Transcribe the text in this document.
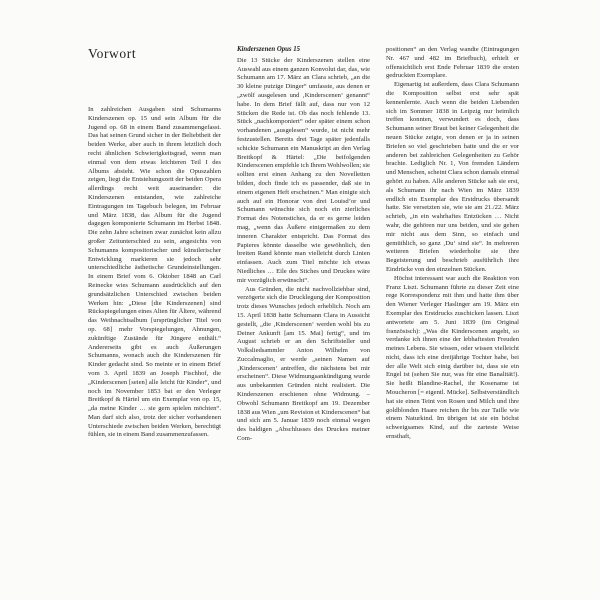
Vorwort

In zahlreichen Ausgaben sind Schumanns Kinderszenen op. 15 und sein Album für die Jugend op. 68 in einem Band zusammengefasst. Das hat seinen Grund sicher in der Beliebtheit der beiden Werke, aber auch in ihrem letztlich doch recht ähnlichen Schwierigkeitsgrad, wenn man einmal von dem etwas leichteren Teil I des Albums absieht. Wie schon die Opuszahlen zeigen, liegt die Entstehungszeit der beiden Opera allerdings recht weit auseinander: die Kinderszenen entstanden, wie zahlreiche Eintragungen im Tagebuch belegen, im Februar und März 1838, das Album für die Jugend dagegen komponierte Schumann im Herbst 1848. Die zehn Jahre scheinen zwar zunächst kein allzu großer Zeitunterschied zu sein, angesichts von Schumanns kompositorischer und künstlerischer Entwicklung markieren sie jedoch sehr unterschiedliche ästhetische Grundeinstellungen. In einem Brief vom 6. Oktober 1848 an Carl Reinecke wies Schumann ausdrücklich auf den grundsätzlichen Unterschied zwischen beiden Werken hin: „Diese [die Kinderszenen] sind Rückspiegelungen eines Alten für Ältere, während das Weihnachtsalbum [ursprünglicher Titel von op. 68] mehr Vorspiegelungen, Ahnungen, zukünftige Zustände für Jüngere enthält.“ Andererseits gibt es auch Äußerungen Schumanns, wonach auch die Kinderszenen für Kinder gedacht sind. So meinte er in einem Brief vom 3. April 1839 an Joseph Fischhof, die „Kinderscenen [seien] alle leicht für Kinder“, und noch im November 1853 bat er den Verleger Breitkopf & Härtel um ein Exemplar von op. 15, „da meine Kinder … sie gern spielen möchten“. Man darf sich also, trotz der sicher vorhandenen Unterschiede zwischen beiden Werken, berechtigt fühlen, sie in einem Band zusammenzufassen.

Kinderszenen Opus 15

Die 13 Stücke der Kinderszenen stellen eine Auswahl aus einem ganzen Konvolut dar, das, wie Schumann am 17. März an Clara schrieb, „an die 30 kleine putzige Dinger“ umfasste, aus denen er „zwölf ausgelesen und ‚Kinderscenen‘ genannt“ habe. In dem Brief fällt auf, dass nur von 12 Stücken die Rede ist. Ob das noch fehlende 13. Stück „nachkomponiert“ oder später einem schon vorhandenen „ausgelesen“ wurde, ist nicht mehr festzustellen. Bereits drei Tage später jedenfalls schickte Schumann ein Manuskript an den Verlag Breitkopf & Härtel: „Die beifolgenden Kinderscenen empfehle ich Ihrem Wohlwollen; sie sollten erst einen Anhang zu den Novelletten bilden, doch finde ich es passender, daß sie in einem eigenen Heft erscheinen.“ Man einigte sich auch auf ein Honorar von drei Louisd’or und Schumann wünschte sich noch ein zierliches Format des Notenstiches, da er es gerne leiden mag, „wenn das Äußere einigermaßen zu dem inneren Charakter entspricht. Das Format des Papieres könnte dasselbe wie gewöhnlich, den breiten Rand könnte man vielleicht durch Linien einfassen. Auch zum Titel möchte ich etwas Niedliches … Eile des Stiches und Druckes wäre mir vorzüglich erwünscht“.

Aus Gründen, die nicht nachvollziehbar sind, verzögerte sich die Drucklegung der Komposition trotz dieses Wunsches jedoch erheblich. Noch am 15. April 1838 hatte Schumann Clara in Aussicht gestellt, „die ‚Kinderscenen‘ werden wohl bis zu Deiner Ankunft [am 15. Mai] fertig“, und im August schrieb er an den Schriftsteller und Volksliedsammler Anton Wilhelm von Zuccalmaglio, er werde „seinen Namen auf ‚Kinderscenen‘ antreffen, die nächstens bei mir erscheinen“. Diese Widmungsankündigung wurde aus unbekannten Gründen nicht realisiert. Die Kinderszenen erschienen ohne Widmung. – Obwohl Schumann Breitkopf am 19. Dezember 1838 aus Wien „um Revision et Kinderscenen“ bat und sich am 5. Januar 1839 noch einmal wegen des baldigen „Abschlusses des Druckes meiner Com-

positionen“ an den Verlag wandte (Eintragungen Nr. 467 und 482 im Briefbuch), erhielt er offensichtlich erst Ende Februar 1839 die ersten gedruckten Exemplare.

Eigenartig ist außerdem, dass Clara Schumann die Komposition selbst erst sehr spät kennenlernte. Auch wenn die beiden Liebenden sich im Sommer 1838 in Leipzig nur heimlich treffen konnten, verwundert es doch, dass Schumann seiner Braut bei keiner Gelegenheit die neuen Stücke zeigte, von denen er ja in seinen Briefen so viel geschrieben hatte und die er vor anderen bei zahlreichen Gelegenheiten zu Gehör brachte. Lediglich Nr. 1, Von fremden Ländern und Menschen, scheint Clara schon damals einmal gehört zu haben. Alle anderen Stücke sah sie erst, als Schumann ihr nach Wien im März 1839 endlich ein Exemplar des Erstdrucks übersandt hatte. Sie versetzten sie, wie sie am 21./22. März schrieb, „in ein wahrhaftes Entzücken … Nicht wahr, die gehören nur uns beiden, und sie gehen mir nicht aus dem Sinn, so einfach und gemüthlich, so ganz ‚Du‘ sind sie“. In mehreren weiteren Briefen wiederholte sie ihre Begeisterung und beschrieb ausführlich ihre Eindrücke von den einzelnen Stücken.

Höchst interessant war auch die Reaktion von Franz Liszt. Schumann führte zu dieser Zeit eine rege Korrespondenz mit ihm und hatte ihm über den Wiener Verleger Haslinger am 19. März ein Exemplar des Erstdrucks zuschicken lassen. Liszt antwortete am 5. Juni 1839 (im Original französisch): „Was die Kinderscenen angeht, so verdanke ich ihnen eine der lebhaftesten Freuden meines Lebens. Sie wissen, oder wissen vielleicht nicht, dass ich eine dreijährige Tochter habe, bei der alle Welt sich einig darüber ist, dass sie ein Engel ist (sehen Sie nur, was für eine Banalität!). Sie heißt Blandine-Rachel, ihr Kosename ist Moucheron [= eigentl. Mücke]. Selbstverständlich hat sie einen Teint von Rosen und Milch und ihre goldblonden Haare reichen ihr bis zur Taille wie einem Naturkind. Im übrigen ist sie ein höchst schweigsames Kind, auf die zarteste Weise ernsthaft,
